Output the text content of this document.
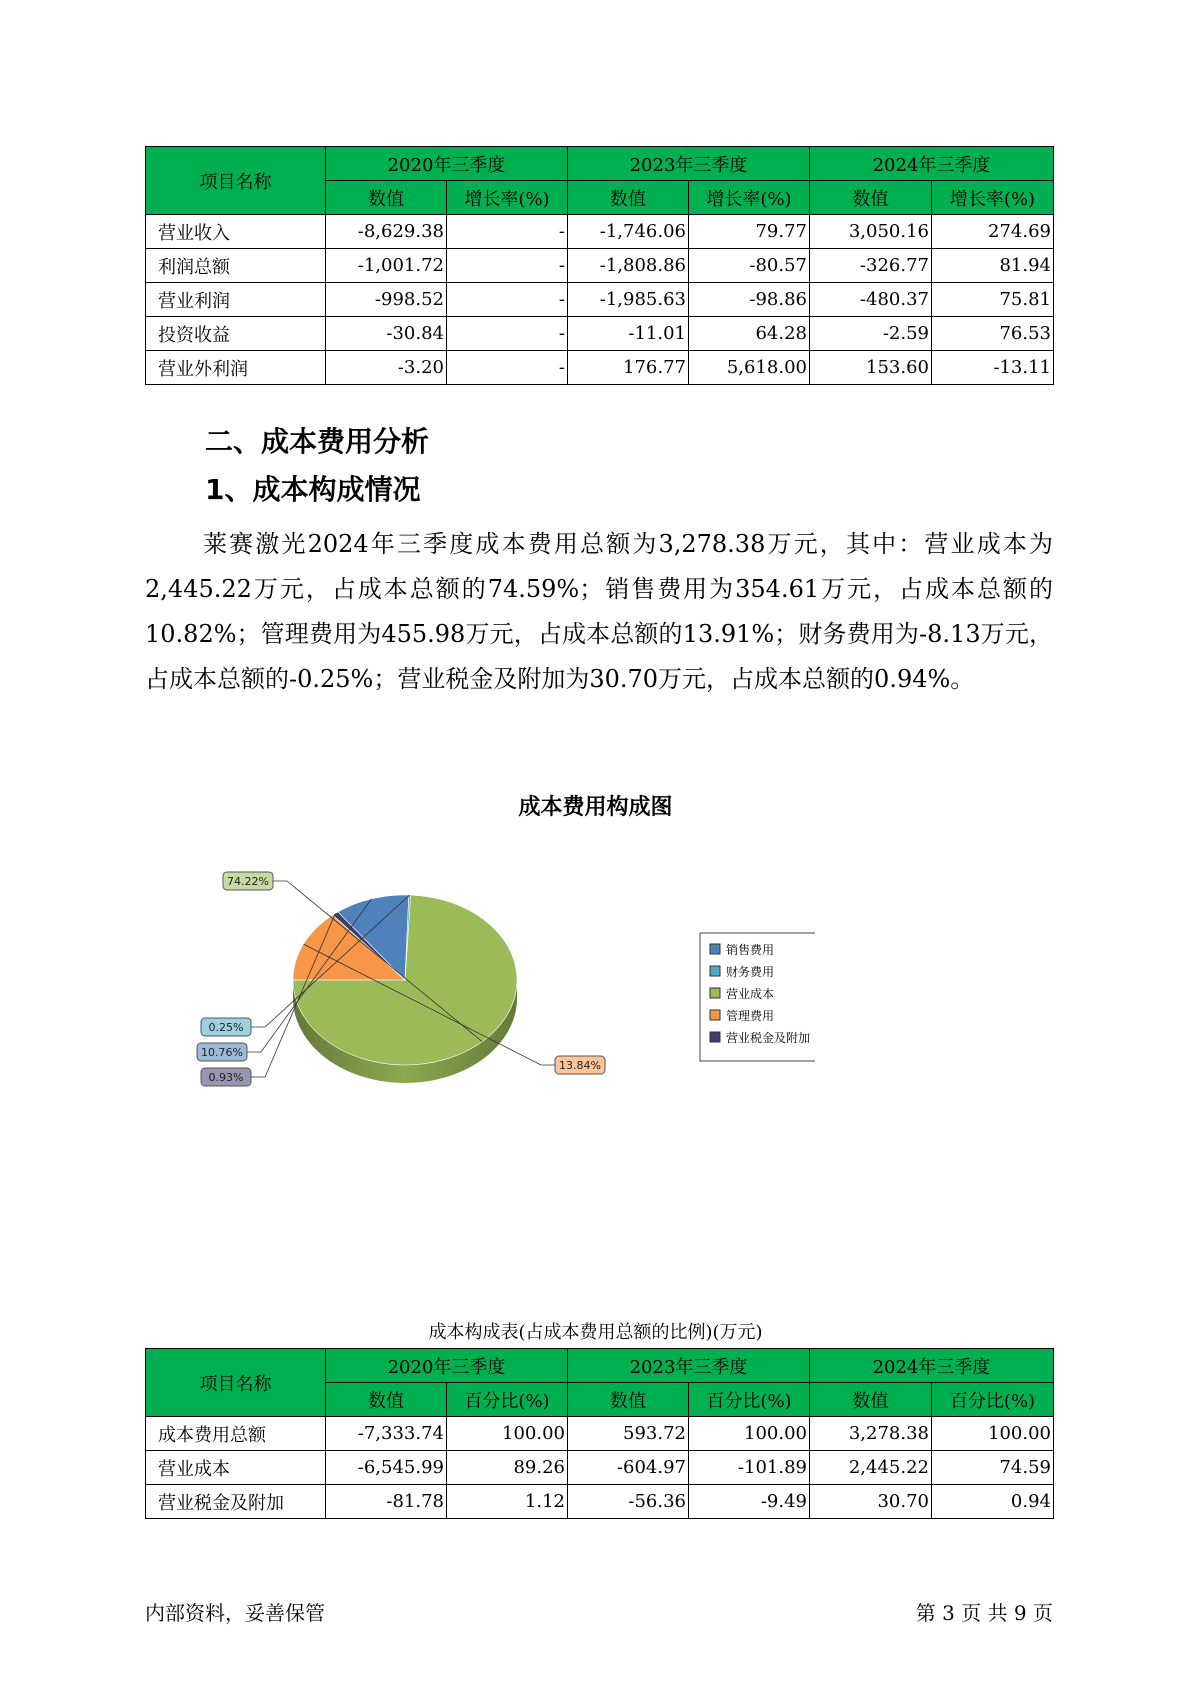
项目名称	2020年三季度		2023年三季度		2024年三季度	
	数值	增长率(%)	数值	增长率(%)	数值	增长率(%)
营业收入	-8,629.38	-	-1,746.06	79.77	3,050.16	274.69
利润总额	-1,001.72	-	-1,808.86	-80.57	-326.77	81.94
营业利润	-998.52	-	-1,985.63	-98.86	-480.37	75.81
投资收益	-30.84	-	-11.01	64.28	-2.59	76.53
营业外利润	-3.20	-	176.77	5,618.00	153.60	-13.11
二、成本费用分析
1、成本构成情况

莱赛激光2024年三季度成本费用总额为3,278.38万元，其中：营业成本为2,445.22万元，占成本总额的74.59%；销售费用为354.61万元，占成本总额的10.82%；管理费用为455.98万元，占成本总额的13.91%；财务费用为-8.13万元，占成本总额的-0.25%；营业税金及附加为30.70万元，占成本总额的0.94%。

成本费用构成图

74.22%
13.84%
0.93%
10.76%
0.25%
销售费用
财务费用
营业成本
管理费用
营业税金及附加

成本构成表(占成本费用总额的比例)(万元)

项目名称	2020年三季度		2023年三季度		2024年三季度	
	数值	百分比(%)	数值	百分比(%)	数值	百分比(%)
成本费用总额	-7,333.74	100.00	593.72	100.00	3,278.38	100.00
营业成本	-6,545.99	89.26	-604.97	-101.89	2,445.22	74.59
营业税金及附加	-81.78	1.12	-56.36	-9.49	30.70	0.94
内部资料，妥善保管	第 3 页 共 9 页
